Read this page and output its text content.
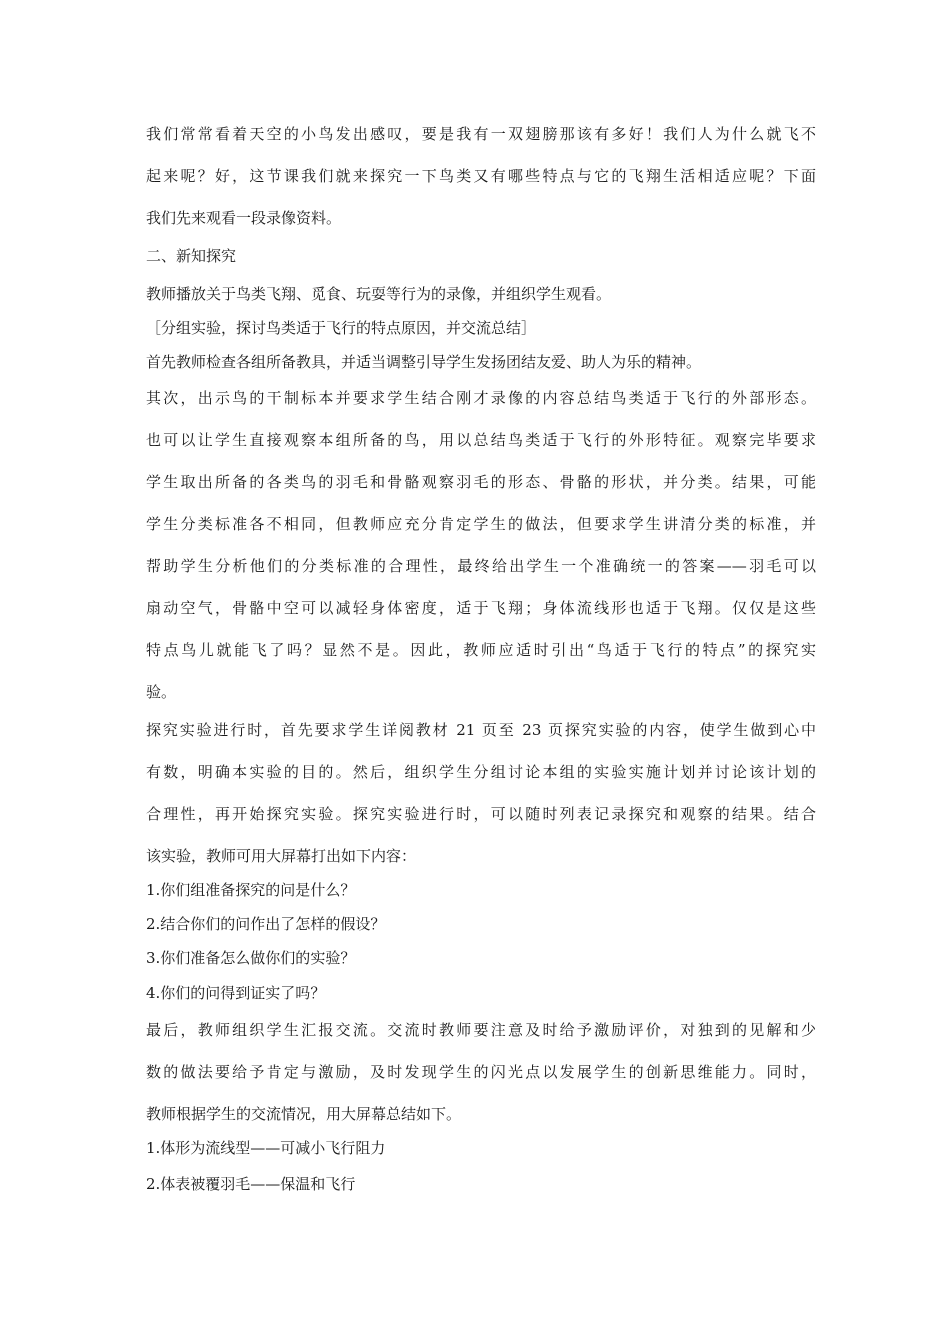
我们常常看着天空的小鸟发出感叹，要是我有一双翅膀那该有多好！我们人为什么就飞不
起来呢？好，这节课我们就来探究一下鸟类又有哪些特点与它的飞翔生活相适应呢？下面
我们先来观看一段录像资料。
二、新知探究
教师播放关于鸟类飞翔、觅食、玩耍等行为的录像，并组织学生观看。
［分组实验，探讨鸟类适于飞行的特点原因，并交流总结］
首先教师检查各组所备教具，并适当调整引导学生发扬团结友爱、助人为乐的精神。
其次，出示鸟的干制标本并要求学生结合刚才录像的内容总结鸟类适于飞行的外部形态。
也可以让学生直接观察本组所备的鸟，用以总结鸟类适于飞行的外形特征。观察完毕要求
学生取出所备的各类鸟的羽毛和骨骼观察羽毛的形态、骨骼的形状，并分类。结果，可能
学生分类标准各不相同，但教师应充分肯定学生的做法，但要求学生讲清分类的标准，并
帮助学生分析他们的分类标准的合理性，最终给出学生一个准确统一的答案——羽毛可以
扇动空气，骨骼中空可以减轻身体密度，适于飞翔；身体流线形也适于飞翔。仅仅是这些
特点鸟儿就能飞了吗？显然不是。因此，教师应适时引出“鸟适于飞行的特点”的探究实
验。
探究实验进行时，首先要求学生详阅教材 21 页至 23 页探究实验的内容，使学生做到心中
有数，明确本实验的目的。然后，组织学生分组讨论本组的实验实施计划并讨论该计划的
合理性，再开始探究实验。探究实验进行时，可以随时列表记录探究和观察的结果。结合
该实验，教师可用大屏幕打出如下内容：
1.你们组准备探究的问是什么？
2.结合你们的问作出了怎样的假设？
3.你们准备怎么做你们的实验？
4.你们的问得到证实了吗？
最后，教师组织学生汇报交流。交流时教师要注意及时给予激励评价，对独到的见解和少
数的做法要给予肯定与激励，及时发现学生的闪光点以发展学生的创新思维能力。同时，
教师根据学生的交流情况，用大屏幕总结如下。
1.体形为流线型——可减小飞行阻力
2.体表被覆羽毛——保温和飞行
